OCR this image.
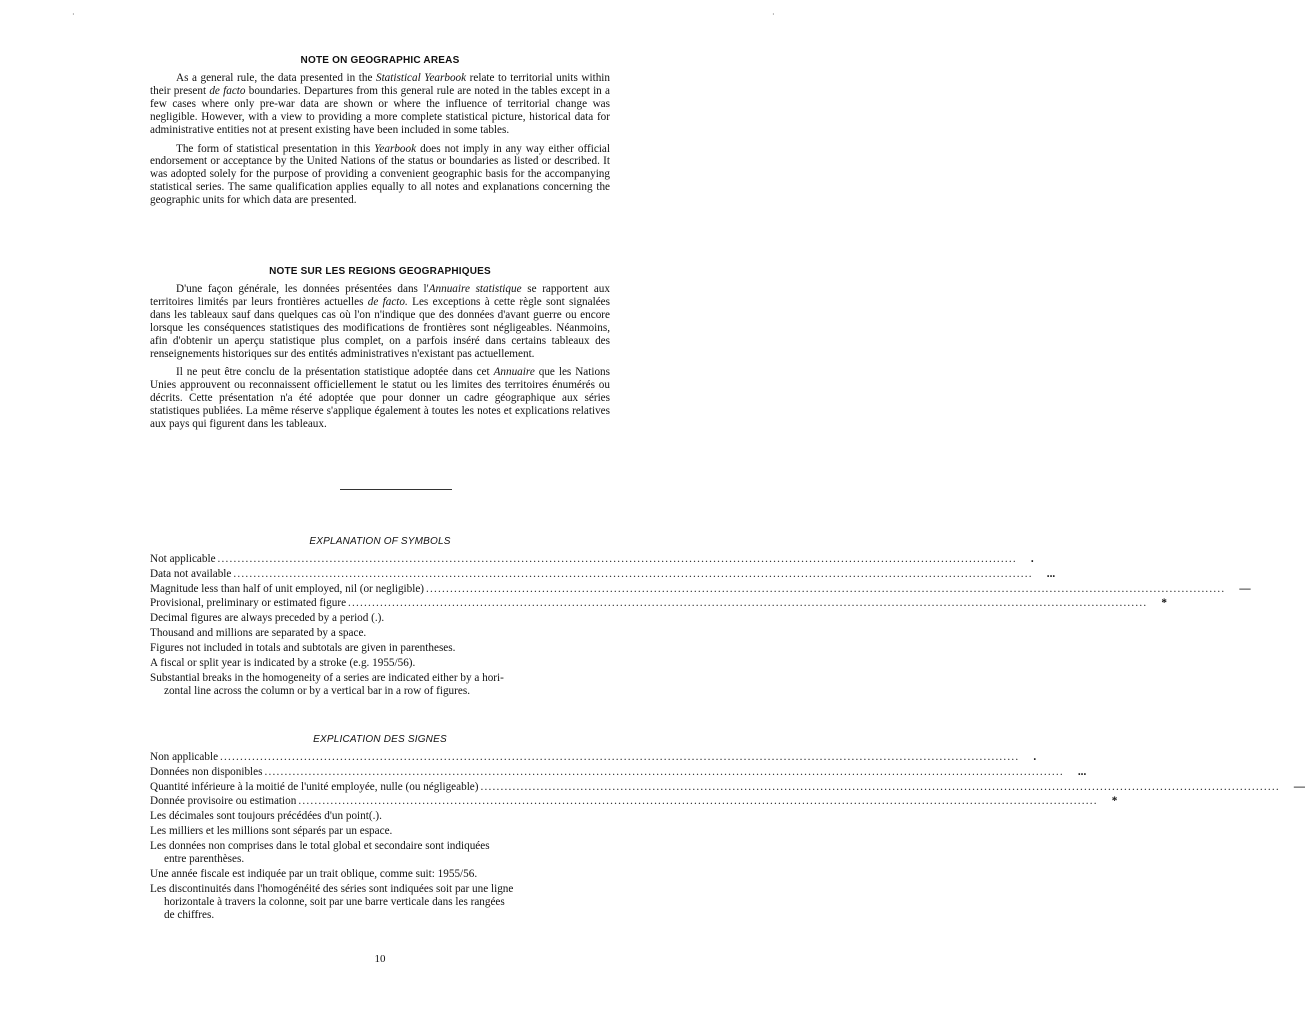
·	·
NOTE ON GEOGRAPHIC AREAS

As a general rule, the data presented in the Statistical Yearbook relate to territorial units within their present de facto boundaries. Departures from this general rule are noted in the tables except in a few cases where only pre-war data are shown or where the influence of territorial change was negligible. However, with a view to providing a more complete statistical picture, historical data for administrative entities not at present existing have been included in some tables.

The form of statistical presentation in this Yearbook does not imply in any way either official endorsement or acceptance by the United Nations of the status or boundaries as listed or described. It was adopted solely for the purpose of providing a convenient geographic basis for the accompanying statistical series. The same qualification applies equally to all notes and explanations concerning the geographic units for which data are presented.

NOTE SUR LES REGIONS GEOGRAPHIQUES

D'une façon générale, les données présentées dans l'Annuaire statistique se rapportent aux territoires limités par leurs frontières actuelles de facto. Les exceptions à cette règle sont signalées dans les tableaux sauf dans quelques cas où l'on n'indique que des données d'avant guerre ou encore lorsque les conséquences statistiques des modifications de frontières sont négligeables. Néanmoins, afin d'obtenir un aperçu statistique plus complet, on a parfois inséré dans certains tableaux des renseignements historiques sur des entités administratives n'existant pas actuellement.

Il ne peut être conclu de la présentation statistique adoptée dans cet Annuaire que les Nations Unies approuvent ou reconnaissent officiellement le statut ou les limites des territoires énumérés ou décrits. Cette présentation n'a été adoptée que pour donner un cadre géographique aux séries statistiques publiées. La même réserve s'applique également à toutes les notes et explications relatives aux pays qui figurent dans les tableaux.

EXPLANATION OF SYMBOLS
Not applicable ........................................................................................................................................................................................................ .
Data not available ........................................................................................................................................................................................................ ...
Magnitude less than half of unit employed, nil (or negligible) ........................................................................................................................................................................................................ —
Provisional, preliminary or estimated figure ........................................................................................................................................................................................................ *

Decimal figures are always preceded by a period (.).

Thousand and millions are separated by a space.

Figures not included in totals and subtotals are given in parentheses.

A fiscal or split year is indicated by a stroke (e.g. 1955/56).

Substantial breaks in the homogeneity of a series are indicated either by a hori-
zontal line across the column or by a vertical bar in a row of figures.

EXPLICATION DES SIGNES
Non applicable ........................................................................................................................................................................................................ .
Données non disponibles ........................................................................................................................................................................................................ ...
Quantité inférieure à la moitié de l'unité employée, nulle (ou négligeable) ........................................................................................................................................................................................................ —
Donnée provisoire ou estimation ........................................................................................................................................................................................................ *

Les décimales sont toujours précédées d'un point(.).

Les milliers et les millions sont séparés par un espace.

Les données non comprises dans le total global et secondaire sont indiquées
entre parenthèses.

Une année fiscale est indiquée par un trait oblique, comme suit: 1955/56.

Les discontinuités dans l'homogénéité des séries sont indiquées soit par une ligne
horizontale à travers la colonne, soit par une barre verticale dans les rangées
de chiffres.

10
